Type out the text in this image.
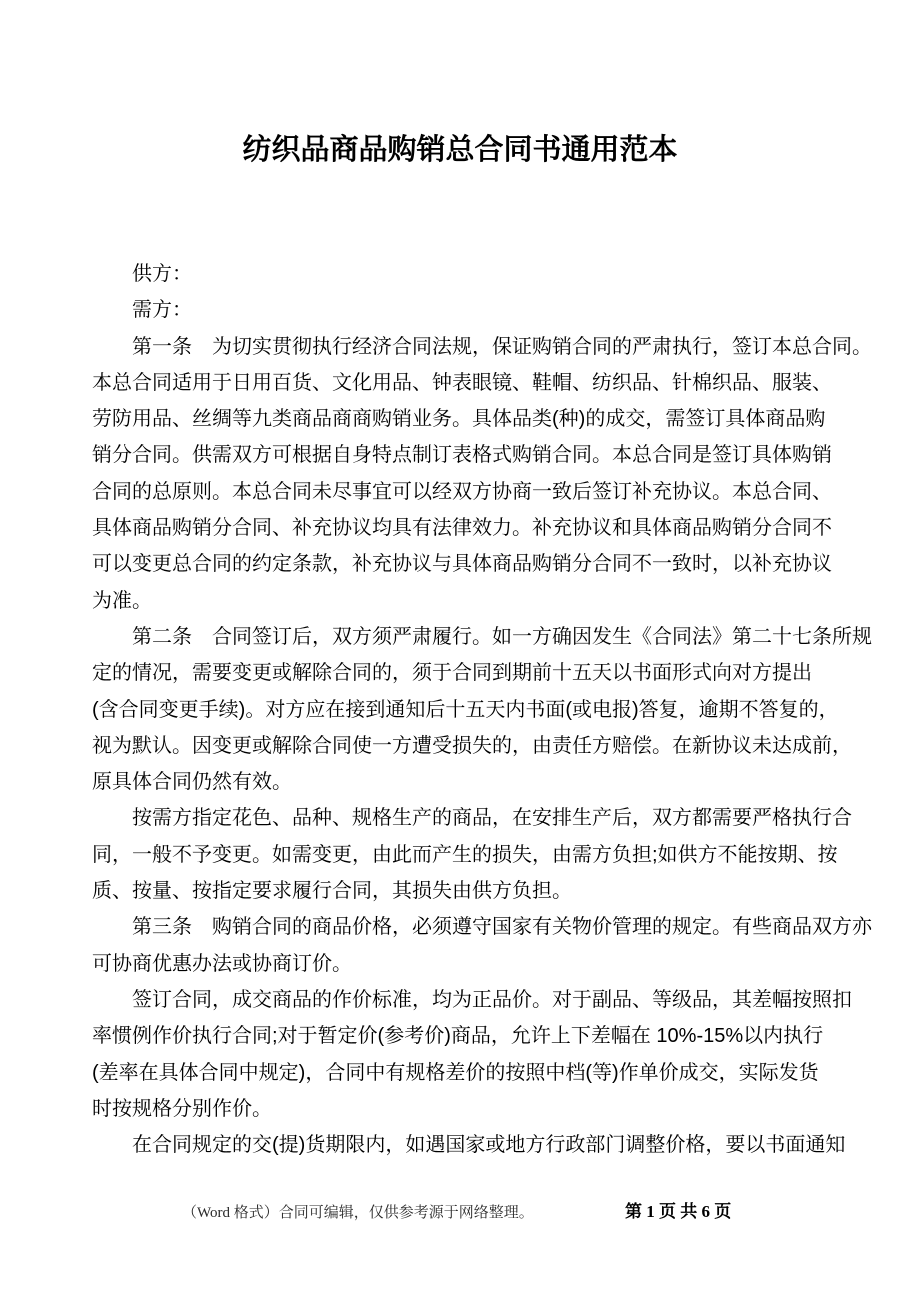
纺织品商品购销总合同书通用范本
供方：
需方：
第一条　为切实贯彻执行经济合同法规，保证购销合同的严肃执行，签订本总合同。
本总合同适用于日用百货、文化用品、钟表眼镜、鞋帽、纺织品、针棉织品、服装、
劳防用品、丝绸等九类商品商商购销业务。具体品类(种)的成交，需签订具体商品购
销分合同。供需双方可根据自身特点制订表格式购销合同。本总合同是签订具体购销
合同的总原则。本总合同未尽事宜可以经双方协商一致后签订补充协议。本总合同、
具体商品购销分合同、补充协议均具有法律效力。补充协议和具体商品购销分合同不
可以变更总合同的约定条款，补充协议与具体商品购销分合同不一致时，以补充协议
为准。
第二条　合同签订后，双方须严肃履行。如一方确因发生《合同法》第二十七条所规
定的情况，需要变更或解除合同的，须于合同到期前十五天以书面形式向对方提出
(含合同变更手续)。对方应在接到通知后十五天内书面(或电报)答复，逾期不答复的，
视为默认。因变更或解除合同使一方遭受损失的，由责任方赔偿。在新协议未达成前，
原具体合同仍然有效。
按需方指定花色、品种、规格生产的商品，在安排生产后，双方都需要严格执行合
同，一般不予变更。如需变更，由此而产生的损失，由需方负担;如供方不能按期、按
质、按量、按指定要求履行合同，其损失由供方负担。
第三条　购销合同的商品价格，必须遵守国家有关物价管理的规定。有些商品双方亦
可协商优惠办法或协商订价。
签订合同，成交商品的作价标准，均为正品价。对于副品、等级品，其差幅按照扣
率惯例作价执行合同;对于暂定价(参考价)商品，允许上下差幅在 10%-15%以内执行
(差率在具体合同中规定)，合同中有规格差价的按照中档(等)作单价成交，实际发货
时按规格分别作价。
在合同规定的交(提)货期限内，如遇国家或地方行政部门调整价格，要以书面通知
（Word 格式）合同可编辑，仅供参考源于网络整理。	第 1 页 共 6 页
